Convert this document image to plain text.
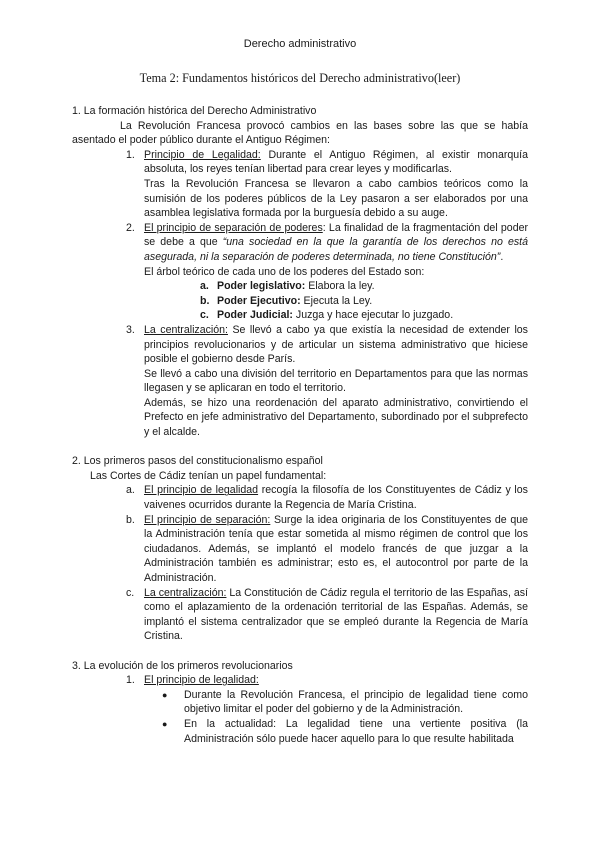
Derecho administrativo
Tema 2: Fundamentos históricos del Derecho administrativo(leer)

1. La formación histórica del Derecho Administrativo

La Revolución Francesa provocó cambios en las bases sobre las que se había asentado el poder público durante el Antiguo Régimen:

1. Principio de Legalidad: Durante el Antiguo Régimen, al existir monarquía absoluta, los reyes tenían libertad para crear leyes y modificarlas.

Tras la Revolución Francesa se llevaron a cabo cambios teóricos como la sumisión de los poderes públicos de la Ley pasaron a ser elaborados por una asamblea legislativa formada por la burguesía debido a su auge.

2. El principio de separación de poderes: La finalidad de la fragmentación del poder se debe a que “una sociedad en la que la garantía de los derechos no está asegurada, ni la separación de poderes determinada, no tiene Constitución”.

El árbol teórico de cada uno de los poderes del Estado son:

a. Poder legislativo: Elabora la ley.
b. Poder Ejecutivo: Ejecuta la Ley.
c. Poder Judicial: Juzga y hace ejecutar lo juzgado.
3. La centralización: Se llevó a cabo ya que existía la necesidad de extender los principios revolucionarios y de articular un sistema administrativo que hiciese posible el gobierno desde París.

Se llevó a cabo una división del territorio en Departamentos para que las normas llegasen y se aplicaran en todo el territorio.

Además, se hizo una reordenación del aparato administrativo, convirtiendo el Prefecto en jefe administrativo del Departamento, subordinado por el subprefecto y el alcalde.

2. Los primeros pasos del constitucionalismo español

Las Cortes de Cádiz tenían un papel fundamental:

a. El principio de legalidad recogía la filosofía de los Constituyentes de Cádiz y los vaivenes ocurridos durante la Regencia de María Cristina.

b. El principio de separación: Surge la idea originaria de los Constituyentes de que la Administración tenía que estar sometida al mismo régimen de control que los ciudadanos. Además, se implantó el modelo francés de que juzgar a la Administración también es administrar; esto es, el autocontrol por parte de la Administración.

c. La centralización: La Constitución de Cádiz regula el territorio de las Españas, así como el aplazamiento de la ordenación territorial de las Españas. Además, se implantó el sistema centralizador que se empleó durante la Regencia de María Cristina.

3. La evolución de los primeros revolucionarios

1. El principio de legalidad:

● Durante la Revolución Francesa, el principio de legalidad tiene como objetivo limitar el poder del gobierno y de la Administración.

● En la actualidad: La legalidad tiene una vertiente positiva (la Administración sólo puede hacer aquello para lo que resulte habilitada
